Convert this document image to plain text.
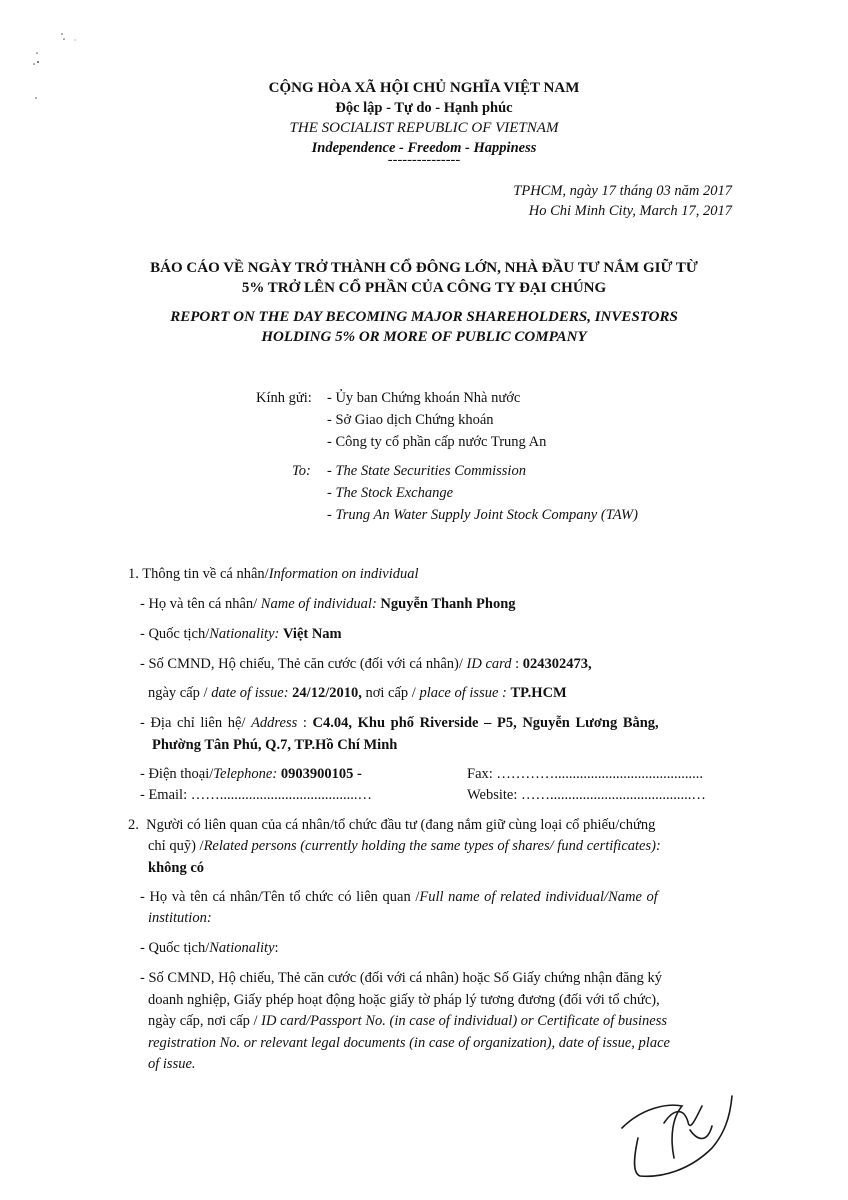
CỘNG HÒA XÃ HỘI CHỦ NGHĨA VIỆT NAM
Độc lập - Tự do - Hạnh phúc
THE SOCIALIST REPUBLIC OF VIETNAM
Independence - Freedom - Happiness
---------------
TPHCM, ngày 17 tháng 03 năm 2017
Ho Chi Minh City, March 17, 2017
BÁO CÁO VỀ NGÀY TRỞ THÀNH CỔ ĐÔNG LỚN, NHÀ ĐẦU TƯ NẮM GIỮ TỪ
5% TRỞ LÊN CỔ PHẦN CỦA CÔNG TY ĐẠI CHÚNG
REPORT ON THE DAY BECOMING MAJOR SHAREHOLDERS, INVESTORS
HOLDING 5% OR MORE OF PUBLIC COMPANY
Kính gửi: - Ủy ban Chứng khoán Nhà nước
- Sở Giao dịch Chứng khoán
- Công ty cổ phần cấp nước Trung An
To: - The State Securities Commission
- The Stock Exchange
- Trung An Water Supply Joint Stock Company (TAW)
1. Thông tin về cá nhân/Information on individual
- Họ và tên cá nhân/ Name of individual: Nguyễn Thanh Phong
- Quốc tịch/Nationality: Việt Nam
- Số CMND, Hộ chiếu, Thẻ căn cước (đối với cá nhân)/ ID card : 024302473,
ngày cấp / date of issue: 24/12/2010, nơi cấp / place of issue : TP.HCM
- Địa chỉ liên hệ/ Address : C4.04, Khu phố Riverside – P5, Nguyễn Lương Bằng,
Phường Tân Phú, Q.7, TP.Hồ Chí Minh
- Điện thoại/Telephone: 0903900105 -	Fax: ………….........................................
- Email: ……......................................…	Website: …….......................................…
2. Người có liên quan của cá nhân/tổ chức đầu tư (đang nắm giữ cùng loại cổ phiếu/chứng
chỉ quỹ) /Related persons (currently holding the same types of shares/ fund certificates):
không có
- Họ và tên cá nhân/Tên tổ chức có liên quan /Full name of related individual/Name of
institution:
- Quốc tịch/Nationality:
- Số CMND, Hộ chiếu, Thẻ căn cước (đối với cá nhân) hoặc Số Giấy chứng nhận đăng ký
doanh nghiệp, Giấy phép hoạt động hoặc giấy tờ pháp lý tương đương (đối với tổ chức),
ngày cấp, nơi cấp / ID card/Passport No. (in case of individual) or Certificate of business
registration No. or relevant legal documents (in case of organization), date of issue, place
of issue.
